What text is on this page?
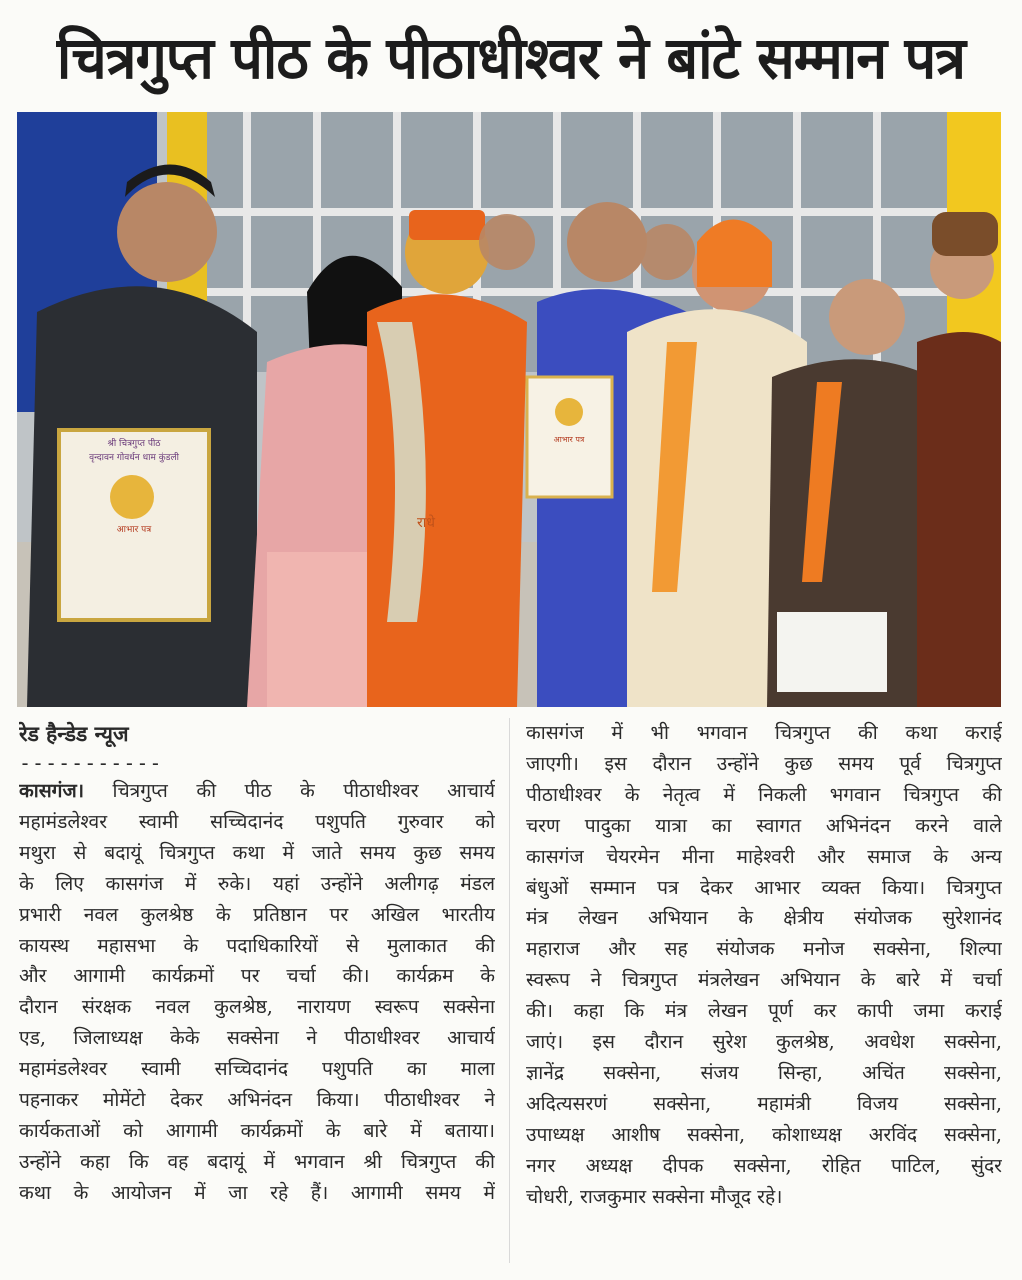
चित्रगुप्त पीठ के पीठाधीश्वर ने बांटे सम्मान पत्र
श्री चित्रगुप्त पीठ
वृन्दावन गोवर्धन धाम कुंडली
आभार पत्र	राधे
आभार पत्र

रेड हैन्डेड न्यूज

-----------

कासगंज। चित्रगुप्त की पीठ के पीठाधीश्वर आचार्य
महामंडलेश्वर स्वामी सच्चिदानंद पशुपति गुरुवार को
मथुरा से बदायूं चित्रगुप्त कथा में जाते समय कुछ समय
के लिए कासगंज में रुके। यहां उन्होंने अलीगढ़ मंडल
प्रभारी नवल कुलश्रेष्ठ के प्रतिष्ठान पर अखिल भारतीय
कायस्थ महासभा के पदाधिकारियों से मुलाकात की
और आगामी कार्यक्रमों पर चर्चा की। कार्यक्रम के
दौरान संरक्षक नवल कुलश्रेष्ठ, नारायण स्वरूप सक्सेना
एड, जिलाध्यक्ष केके सक्सेना ने पीठाधीश्वर आचार्य
महामंडलेश्वर स्वामी सच्चिदानंद पशुपति का माला
पहनाकर मोमेंटो देकर अभिनंदन किया। पीठाधीश्वर ने
कार्यकताओं को आगामी कार्यक्रमों के बारे में बताया।
उन्होंने कहा कि वह बदायूं में भगवान श्री चित्रगुप्त की
कथा के आयोजन में जा रहे हैं। आगामी समय में
कासगंज में भी भगवान चित्रगुप्त की कथा कराई
जाएगी। इस दौरान उन्होंने कुछ समय पूर्व चित्रगुप्त
पीठाधीश्वर के नेतृत्व में निकली भगवान चित्रगुप्त की
चरण पादुका यात्रा का स्वागत अभिनंदन करने वाले
कासगंज चेयरमेन मीना माहेश्वरी और समाज के अन्य
बंधुओं सम्मान पत्र देकर आभार व्यक्त किया। चित्रगुप्त
मंत्र लेखन अभियान के क्षेत्रीय संयोजक सुरेशानंद
महाराज और सह संयोजक मनोज सक्सेना, शिल्पा
स्वरूप ने चित्रगुप्त मंत्रलेखन अभियान के बारे में चर्चा
की। कहा कि मंत्र लेखन पूर्ण कर कापी जमा कराई
जाएं। इस दौरान सुरेश कुलश्रेष्ठ, अवधेश सक्सेना,
ज्ञानेंद्र सक्सेना, संजय सिन्हा, अचिंत सक्सेना,
अदित्यसरणं सक्सेना, महामंत्री विजय सक्सेना,
उपाध्यक्ष आशीष सक्सेना, कोशाध्यक्ष अरविंद सक्सेना,
नगर अध्यक्ष दीपक सक्सेना, रोहित पाटिल, सुंदर
चोधरी, राजकुमार सक्सेना मौजूद रहे।
